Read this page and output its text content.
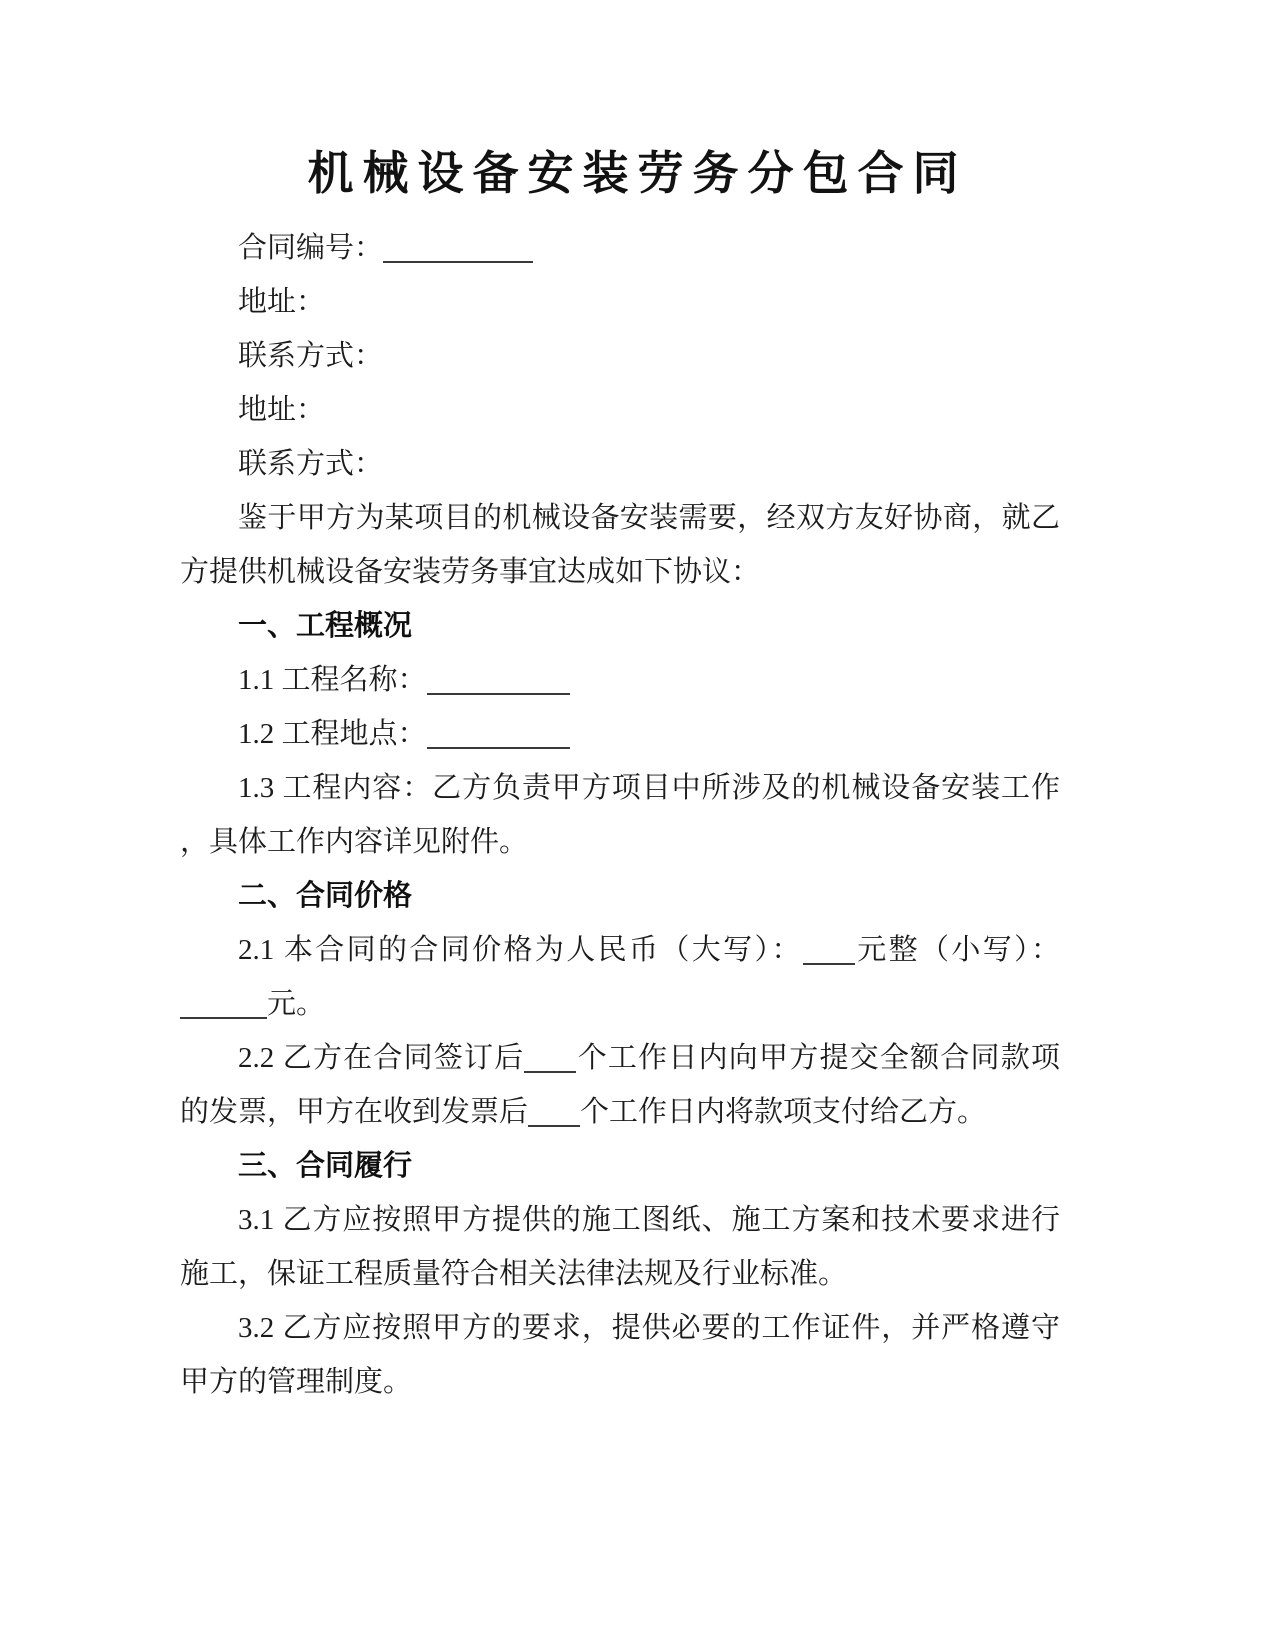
机械设备安装劳务分包合同
合同编号：
地址：
联系方式：
地址：
联系方式：
鉴于甲方为某项目的机械设备安装需要，经双方友好协商，就乙
方提供机械设备安装劳务事宜达成如下协议：
一、工程概况
1.1 工程名称：
1.2 工程地点：
1.3 工程内容：乙方负责甲方项目中所涉及的机械设备安装工作
，具体工作内容详见附件。
二、合同价格
2.1 本合同的合同价格为人民币（大写）： 元整（小写）：
元。
2.2 乙方在合同签订后 个工作日内向甲方提交全额合同款项
的发票，甲方在收到发票后 个工作日内将款项支付给乙方。
三、合同履行
3.1 乙方应按照甲方提供的施工图纸、施工方案和技术要求进行
施工，保证工程质量符合相关法律法规及行业标准。
3.2 乙方应按照甲方的要求，提供必要的工作证件，并严格遵守
甲方的管理制度。
